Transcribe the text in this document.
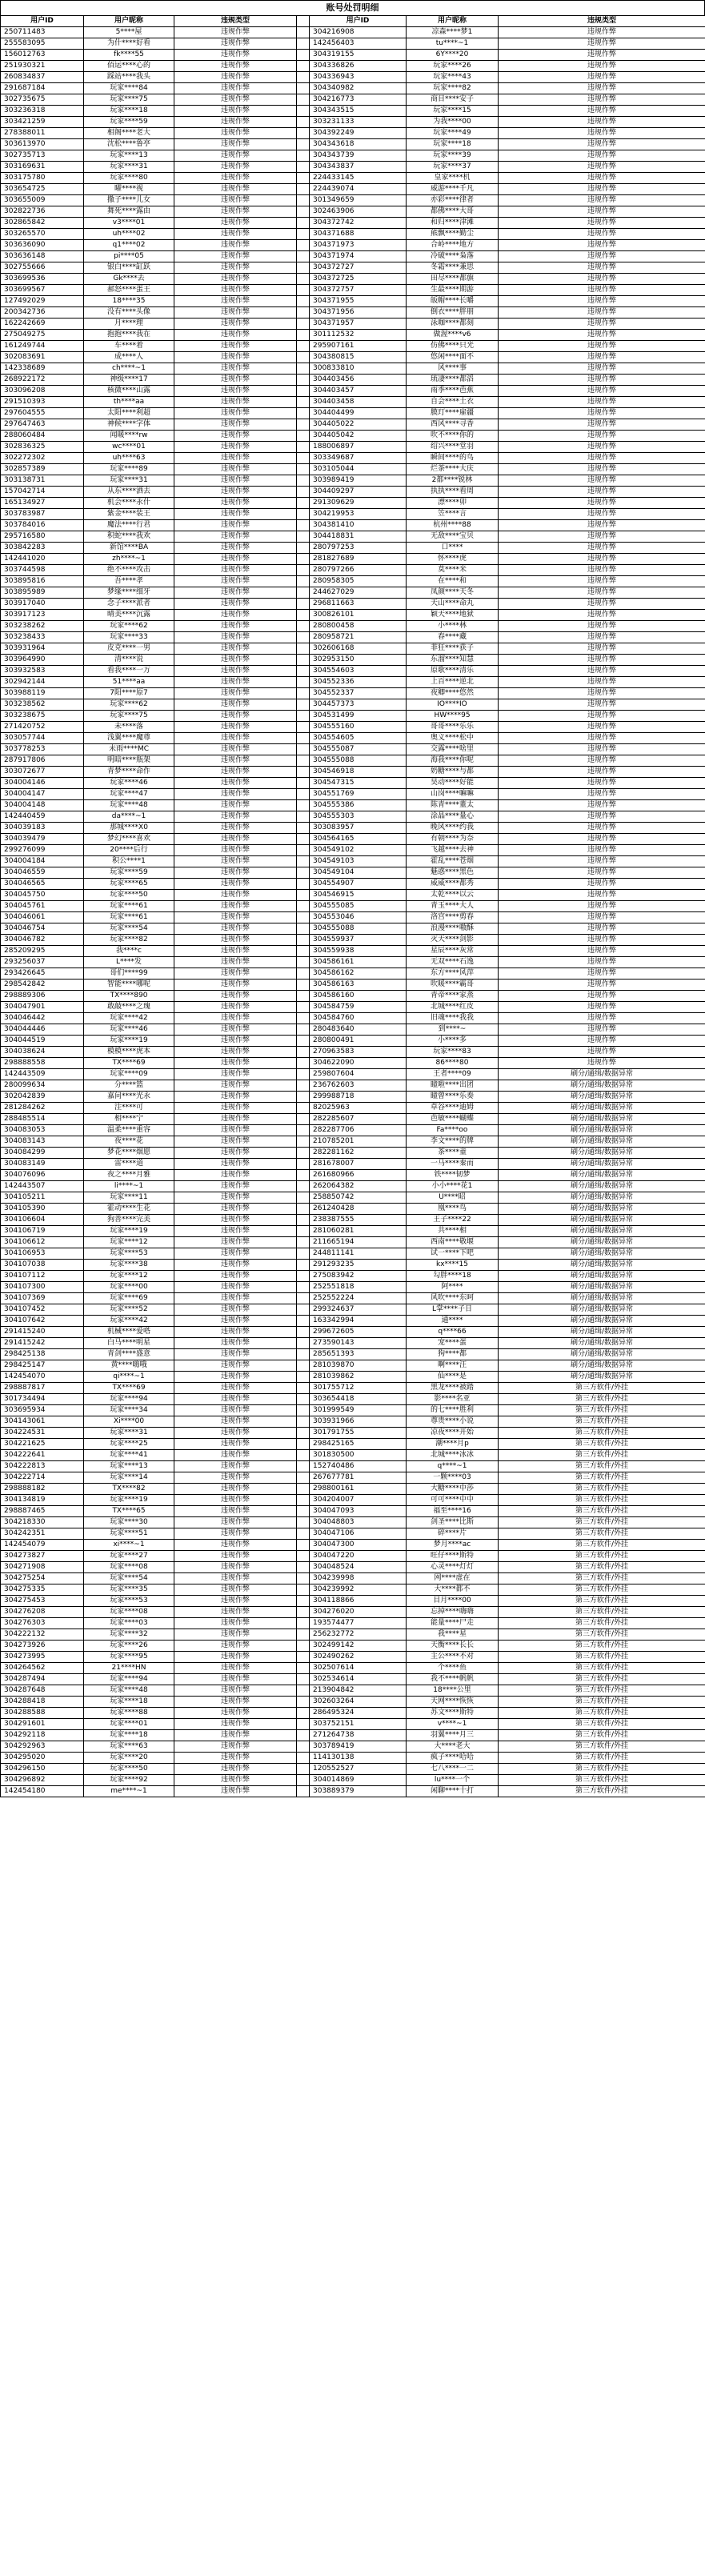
账号处罚明细
用户ID	用户昵称	违规类型		用户ID	用户昵称	违规类型
250711483	5****屋	违规作弊		304216908	凉森****梦1	违规作弊
255583095	为什****好看	违规作弊		142456403	tu****~1	违规作弊
156012763	fk****55	违规作弊		304319155	6Y****20	违规作弊
251930321	佰运****心的	违规作弊		304336826	玩家****26	违规作弊
260834837	踩站****我头	违规作弊		304336943	玩家****43	违规作弊
291687184	玩家****84	违规作弊		304340982	玩家****82	违规作弊
302735675	玩家****75	违规作弊		304216773	商目****安子	违规作弊
303236318	玩家****18	违规作弊		304343515	玩家****15	违规作弊
303421259	玩家****59	违规作弊		303231133	为我****00	违规作弊
278388011	相阁****老大	违规作弊		304392249	玩家****49	违规作弊
303613970	沈松****鲁亭	违规作弊		304343618	玩家****18	违规作弊
302735713	玩家****13	违规作弊		304343739	玩家****39	违规作弊
303169631	玩家****31	违规作弊		304343837	玩家****37	违规作弊
303175780	玩家****80	违规作弊		224433145	皇家****机	违规作弊
303654725	曜****视	违规作弊		224439074	威游****千凡	违规作弊
303655009	撒子****儿女	违规作弊		301349659	亦彩****律者	违规作弊
302822736	舞死****露由	违规作弊		302463906	都佛****大哥	违规作弊
302865842	v3****01	违规作弊		304372742	和归****津滩	违规作弊
303265570	uh****02	违规作弊		304371688	熊飘****勤尘	违规作弊
303636090	q1****02	违规作弊		304371973	合岭****地方	违规作弊
303636148	pi****05	违规作弊		304371974	冷破****枭落	违规作弊
302755666	银白****缸跃	违规作弊		304372727	冬霜****兼思	违规作弊
303699536	Gk****去	违规作弊		304372725	田尽****都旗	违规作弊
303699567	郝怒****蛋王	违规作弊		304372757	生最****期游	违规作弊
127492029	18****35	违规作弊		304371955	皈帽****长嚼	违规作弊
200342736	没有****头像	违规作弊		304371956	倒衣****胖朋	违规作弊
162242669	月****理	违规作弊		304371957	泳咖****都刻	违规作弊
275049275	抱抱****我在	违规作弊		301112532	做渥****v6	违规作弊
161249744	车****着	违规作弊		295907161	仿佛****只光	违规作弊
302083691	成****人	违规作弊		304380815	悠闲****面不	违规作弊
142338689	ch****~1	违规作弊		300833810	风****事	违规作弊
268922172	神级****17	违规作弊		304403456	琉凄****都滔	违规作弊
303096208	核微****山露	违规作弊		304403457	雨季****芭蕉	违规作弊
291510393	th****aa	违规作弊		304403458	自会****土衣	违规作弊
297604555	太阳****利超	违规作弊		304404499	膜玎****雇疆	违规作弊
297647463	神候****字体	违规作弊		304405022	西风****寻香	违规作弊
288060484	闻暖****rw	违规作弊		304405042	吹不****你的	违规作弊
302836325	wc****01	违规作弊		188006897	绍兴****堂羽	违规作弊
302272302	uh****63	违规作弊		303349687	瞬间****的鸟	违规作弊
302857389	玩家****89	违规作弊		303105044	烂茶****大庆	违规作弊
303138731	玩家****31	违规作弊		303989419	2都****锐林	违规作弊
157042714	从东****洒去	违规作弊		304409297	执执****看周	违规作弊
165134927	机会****永什	违规作弊		291309629	漂****卯	违规作弊
303783987	紫金****装王	违规作弊		304219953	笠****言	违规作弊
303784016	魔法****行君	违规作弊		304381410	杭州****88	违规作弊
295716580	积蛇****我欢	违规作弊		304418831	无敌****宝贝	违规作弊
303842283	新馆****BA	违规作弊		280797253	口****	违规作弊
142441020	zh****~1	违规作弊		281827689	怀****虎	违规作弊
303744598	绝不****攻击	违规作弊		280797266	莫****米	违规作弊
303895816	吾****孝	违规作弊		280958305	在****和	违规作弊
303895989	梦缘****细牙	违规作弊		244627029	凤颜****天冬	违规作弊
303917040	念子****派者	违规作弊		296811663	天山****命丸	违规作弊
303917123	晴美****沉露	违规作弊		300826101	颖天****地狱	违规作弊
303238262	玩家****62	违规作弊		280800458	小****林	违规作弊
303238433	玩家****33	违规作弊		280958721	春****藏	违规作弊
303931964	皮克****一男	违规作弊		302606168	菲狂****获子	违规作弊
303964990	清****说	违规作弊		302953150	东溜****知慧	违规作弊
303932583	看我****一万	违规作弊		304554603	原歌****清乐	违规作弊
302942144	51****aa	违规作弊		304552336	上百****逆北	违规作弊
303988119	7阳****原7	违规作弊		304552337	夜卿****悠然	违规作弊
303238562	玩家****62	违规作弊		304457373	IO****IO	违规作弊
303238675	玩家****75	违规作弊		304531499	HW****95	违规作弊
271420752	未****落	违规作弊		304555160	哥哥****乐乐	违规作弊
303057744	浅翼****魔尊	违规作弊		304554605	奥义****松中	违规作弊
303778253	未雨****MC	违规作弊		304555087	交露****啥里	违规作弊
287917806	明暗****瓶架	违规作弊		304555088	海我****你呢	违规作弊
303072677	青梦****命作	违规作弊		304546918	奶糖****与都	违规作弊
304004146	玩家****46	违规作弊		304547315	昊动****好能	违规作弊
304004147	玩家****47	违规作弊		304551769	山岗****嘛嘛	违规作弊
304004148	玩家****48	违规作弊		304555386	陈青****董太	违规作弊
142440459	da****~1	违规作弊		304555303	涂晶****量心	违规作弊
304039183	那城****X0	违规作弊		303083957	晚风****约我	违规作弊
304039479	梦幻****喜欢	违规作弊		304564165	有朝****为奈	违规作弊
299276099	20****后行	违规作弊		304549102	飞越****去神	违规作弊
304004184	积公****1	违规作弊		304549103	霍乱****苍烟	违规作弊
304046559	玩家****59	违规作弊		304549104	魅惑****黑色	违规作弊
304046565	玩家****65	违规作弊		304554907	威威****都秀	违规作弊
304045750	玩家****50	违规作弊		304546915	太乾****以云	违规作弊
304045761	玩家****61	违规作弊		304555085	青玉****大人	违规作弊
304046061	玩家****61	违规作弊		304553046	洛宫****剪春	违规作弊
304046754	玩家****54	违规作弊		304555088	浪漫****嗷酥	违规作弊
304046782	玩家****82	违规作弊		304559937	灭天****剑影	违规作弊
285209295	我****c	违规作弊		304559938	星辰****灰常	违规作弊
293256037	L****发	违规作弊		304586161	无双****石逸	违规作弊
293426645	哥们****99	违规作弊		304586162	东方****风萍	违规作弊
298542842	智能****哪呢	违规作弊		304586163	吹暖****霸哥	违规作弊
298889306	TX****890	违规作弊		304586160	青帝****家蒸	违规作弊
304047901	敢敲****之瑰	违规作弊		304584759	北城****红皮	违规作弊
304046442	玩家****42	违规作弊		304584760	旧魂****我我	违规作弊
304044446	玩家****46	违规作弊		280483640	到****~	违规作弊
304044519	玩家****19	违规作弊		280800491	小****多	违规作弊
304038624	模模****虎本	违规作弊		270963583	玩家****83	违规作弊
298888558	TX****69	违规作弊		304622090	86****80	违规作弊
142443509	玩家****09	违规作弊		259807604	王者****09	刷分/通缉/数据异常
280099634	分****篮	违规作弊		236762603	瞳啦****出团	刷分/通缉/数据异常
302042839	嘉问****光永	违规作弊		299988718	瞳曾****乐奏	刷分/通缉/数据异常
281284262	注****可	违规作弊		82025963	草谷****迪姆	刷分/通缉/数据异常
288485514	相****宁	违规作弊		282285607	芭敏****蝴蝶	刷分/通缉/数据异常
304083053	温柔****重容	违规作弊		282287706	Fa****oo	刷分/通缉/数据异常
304083143	夜****花	违规作弊		210785201	李文****的牌	刷分/通缉/数据异常
304084299	梦花****烟愿	违规作弊		282281162	茶****童	刷分/通缉/数据异常
304083149	雷****道	违规作弊		281678007	一马****秦而	刷分/通缉/数据异常
304076096	夜之****月雅	违规作弊		261680966	铁****韧梦	刷分/通缉/数据异常
142443507	li****~1	违规作弊		262064382	小小****花1	刷分/通缉/数据异常
304105211	玩家****11	违规作弊		258850742	U****昭	刷分/通缉/数据异常
304105390	霍动****生花	违规作弊		261240428	凰****鸟	刷分/通缉/数据异常
304106604	狗善****完美	违规作弊		238387555	王子****22	刷分/通缉/数据异常
304106719	玩家****19	违规作弊		281060281	共****相	刷分/通缉/数据异常
304106612	玩家****12	违规作弊		211665194	西南****敬堰	刷分/通缉/数据异常
304106953	玩家****53	违规作弊		244811141	试一****下吧	刷分/通缉/数据异常
304107038	玩家****38	违规作弊		291293235	kx****15	刷分/通缉/数据异常
304107112	玩家****12	违规作弊		275083942	勾胖****18	刷分/通缉/数据异常
304107300	玩家****00	违规作弊		252551818	阿****	刷分/通缉/数据异常
304107369	玩家****69	违规作弊		252552224	风吹****东呵	刷分/通缉/数据异常
304107452	玩家****52	违规作弊		299324637	L掌****子日	刷分/通缉/数据异常
304107642	玩家****42	违规作弊		163342994	通****	刷分/通缉/数据异常
291415240	机械****爱嗒	违规作弊		299672605	q****66	刷分/通缉/数据异常
291415242	白马****明星	违规作弊		273590143	宠****蛋	刷分/通缉/数据异常
298425138	青剑****盛意	违规作弊		285651393	狗****都	刷分/通缉/数据异常
298425147	黄****嗨哦	违规作弊		281039870	啊****汪	刷分/通缉/数据异常
142454070	qi****~1	违规作弊		281039862	仙****是	刷分/通缉/数据异常
298887817	TX****69	违规作弊		301755712	黑龙****被踏	第三方软件/外挂
301734494	玩家****94	违规作弊		303654418	影****名亚	第三方软件/外挂
303695934	玩家****34	违规作弊		301999549	的七****胜利	第三方软件/外挂
304143061	Xi****00	违规作弊		303931966	尊贵****小说	第三方软件/外挂
304224531	玩家****31	违规作弊		301791755	凉夜****开始	第三方软件/外挂
304221625	玩家****25	违规作弊		298425165	潮****月p	第三方软件/外挂
304222641	玩家****41	违规作弊		301830500	北城****冰冰	第三方软件/外挂
304222813	玩家****13	违规作弊		152740486	q****~1	第三方软件/外挂
304222714	玩家****14	违规作弊		267677781	一颗****03	第三方软件/外挂
298888182	TX****82	违规作弊		298800161	大糖****中莎	第三方软件/外挂
304134819	玩家****19	违规作弊		304204007	可可****中中	第三方软件/外挂
298887465	TX****65	违规作弊		304047093	福至****16	第三方软件/外挂
304218330	玩家****30	违规作弊		304048803	剑圣****比斯	第三方软件/外挂
304242351	玩家****51	违规作弊		304047106	碎****片	第三方软件/外挂
142454079	xi****~1	违规作弊		304047300	梦月****ac	第三方软件/外挂
304273827	玩家****27	违规作弊		304047220	旺仔****斯特	第三方软件/外挂
304271908	玩家****08	违规作弊		304048524	心灵****灯灯	第三方软件/外挂
304275254	玩家****54	违规作弊		304239998	网****虚在	第三方软件/外挂
304275335	玩家****35	违规作弊		304239992	大****都不	第三方软件/外挂
304275453	玩家****53	违规作弊		304118866	目月****00	第三方软件/外挂
304276208	玩家****08	违规作弊		304276020	忘掉****嗨嗨	第三方软件/外挂
304276303	玩家****03	违规作弊		193574477	能量****尸走	第三方软件/外挂
304222132	玩家****32	违规作弊		256232772	我****星	第三方软件/外挂
304273926	玩家****26	违规作弊		302499142	天衡****长长	第三方软件/外挂
304273995	玩家****95	违规作弊		302490262	主公****不对	第三方软件/外挂
304264562	21****HN	违规作弊		302507614	个****鱼	第三方软件/外挂
304287494	玩家****94	违规作弊		302534614	我不****帆帆	第三方软件/外挂
304287648	玩家****48	违规作弊		213904842	18****公里	第三方软件/外挂
304288418	玩家****18	违规作弊		302603264	天网****恢恢	第三方软件/外挂
304288588	玩家****88	违规作弊		286495324	苏文****斯特	第三方软件/外挂
304291601	玩家****01	违规作弊		303752151	v****~1	第三方软件/外挂
304292118	玩家****18	违规作弊		271264738	羽翼****月三	第三方软件/外挂
304292963	玩家****63	违规作弊		303789419	大****老大	第三方软件/外挂
304295020	玩家****20	违规作弊		114130138	疯子****哈哈	第三方软件/外挂
304296150	玩家****50	违规作弊		120552527	七八****一二	第三方软件/外挂
304296892	玩家****92	违规作弊		304014869	lu****一个	第三方软件/外挂
142454180	me****~1	违规作弊		303889379	闲聊****十打	第三方软件/外挂
